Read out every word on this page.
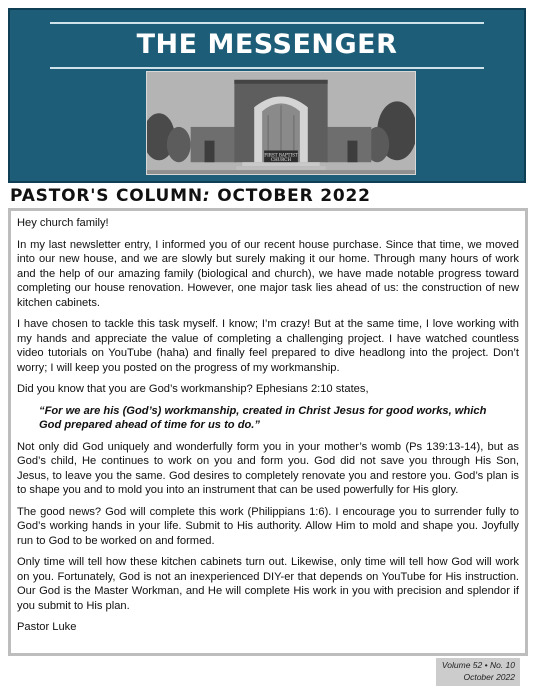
THE MESSENGER
FIRST BAPTIST
CHURCH
PASTOR'S COLUMN: OCTOBER 2022

Hey church family!

In my last newsletter entry, I informed you of our recent house purchase. Since that time, we moved into our new house, and we are slowly but surely making it our home. Through many hours of work and the help of our amazing family (biological and church), we have made notable progress toward completing our house renovation. However, one major task lies ahead of us: the construction of new kitchen cabinets.

I have chosen to tackle this task myself. I know; I’m crazy! But at the same time, I love working with my hands and appreciate the value of completing a challenging project. I have watched countless video tutorials on YouTube (haha) and finally feel prepared to dive headlong into the project. Don’t worry; I will keep you posted on the progress of my workmanship.

Did you know that you are God’s workmanship? Ephesians 2:10 states,

“For we are his (God’s) workmanship, created in Christ Jesus for good works, which God prepared ahead of time for us to do.”

Not only did God uniquely and wonderfully form you in your mother’s womb (Ps 139:13-14), but as God’s child, He continues to work on you and form you. God did not save you through His Son, Jesus, to leave you the same. God desires to completely renovate you and restore you. God’s plan is to shape you and to mold you into an instrument that can be used powerfully for His glory.

The good news? God will complete this work (Philippians 1:6). I encourage you to surrender fully to God’s working hands in your life. Submit to His authority. Allow Him to mold and shape you. Joyfully run to God to be worked on and formed.

Only time will tell how these kitchen cabinets turn out. Likewise, only time will tell how God will work on you. Fortunately, God is not an inexperienced DIY-er that depends on YouTube for His instruction. Our God is the Master Workman, and He will complete His work in you with precision and splendor if you submit to His plan.

Pastor Luke

Volume 52 • No. 10
October 2022
